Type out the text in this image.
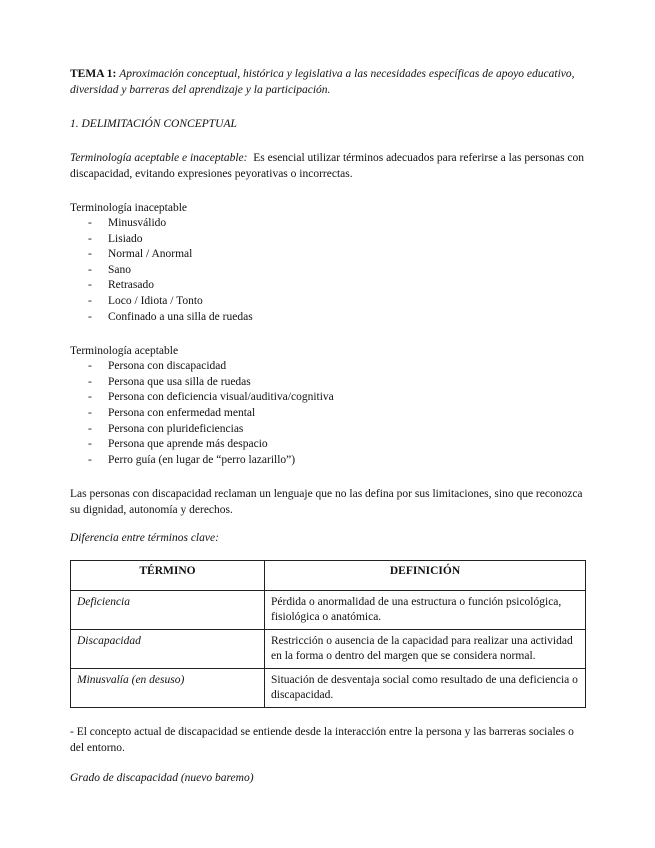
TEMA 1: Aproximación conceptual, histórica y legislativa a las necesidades específicas de apoyo educativo, diversidad y barreras del aprendizaje y la participación.

1. DELIMITACIÓN CONCEPTUAL

Terminología aceptable e inaceptable: Es esencial utilizar términos adecuados para referirse a las personas con discapacidad, evitando expresiones peyorativas o incorrectas.

Terminología inaceptable

- Minusválido
- Lisiado
- Normal / Anormal
- Sano
- Retrasado
- Loco / Idiota / Tonto
- Confinado a una silla de ruedas

Terminología aceptable

- Persona con discapacidad
- Persona que usa silla de ruedas
- Persona con deficiencia visual/auditiva/cognitiva
- Persona con enfermedad mental
- Persona con plurideficiencias
- Persona que aprende más despacio
- Perro guía (en lugar de “perro lazarillo”)

Las personas con discapacidad reclaman un lenguaje que no las defina por sus limitaciones, sino que reconozca su dignidad, autonomía y derechos.

Diferencia entre términos clave:

TÉRMINO	DEFINICIÓN
Deficiencia	Pérdida o anormalidad de una estructura o función psicológica, fisiológica o anatómica.
Discapacidad	Restricción o ausencia de la capacidad para realizar una actividad en la forma o dentro del margen que se considera normal.
Minusvalía (en desuso)	Situación de desventaja social como resultado de una deficiencia o discapacidad.

- El concepto actual de discapacidad se entiende desde la interacción entre la persona y las barreras sociales o del entorno.

Grado de discapacidad (nuevo baremo)
